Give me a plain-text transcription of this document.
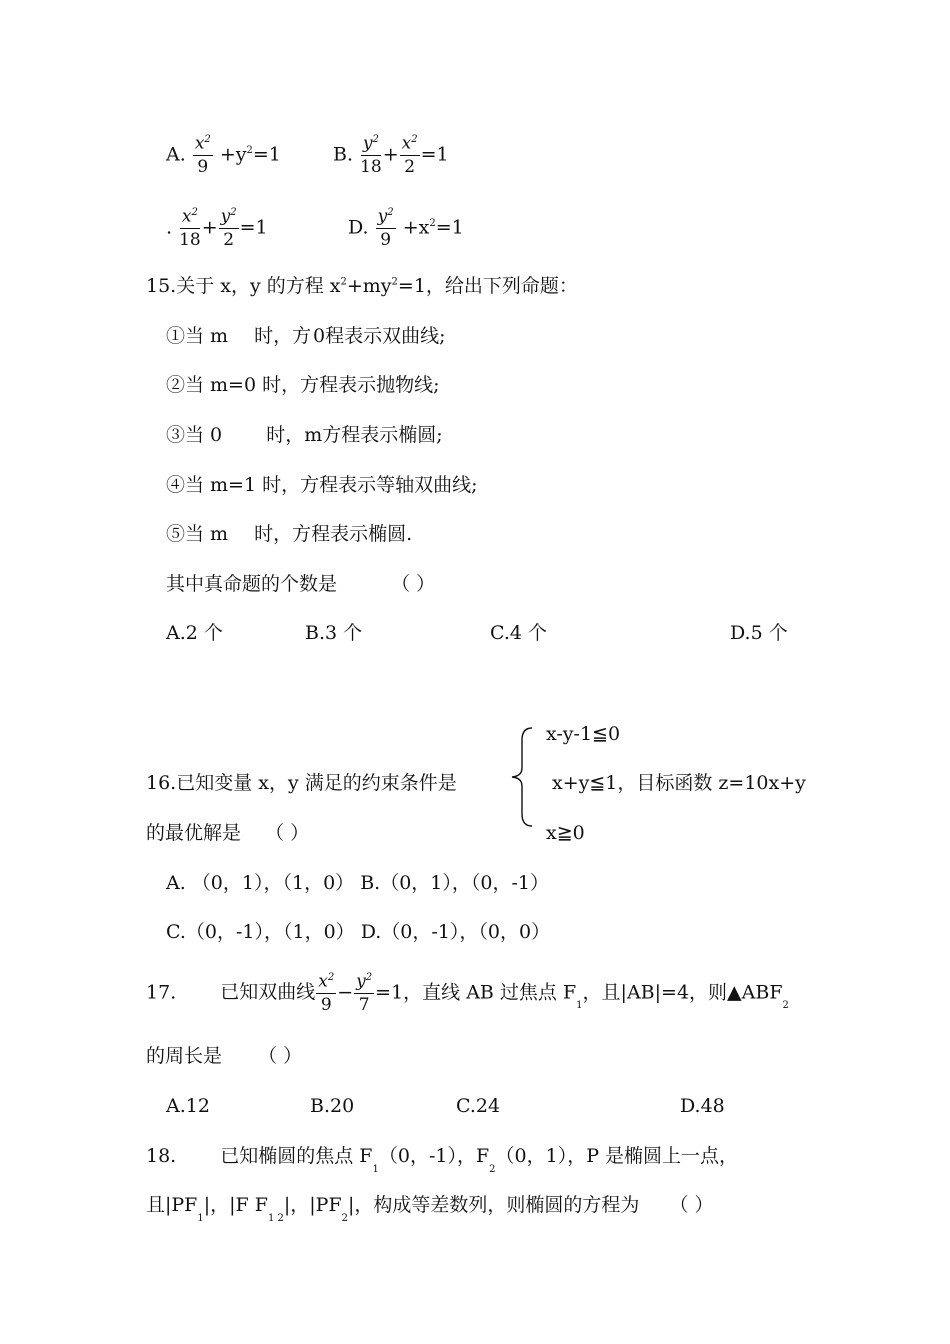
A. $\frac{x^2}{9} +y^2=1$	B. $\frac{y^2}{18} + \frac{x^2}{2} =1$
. $\frac{x^2}{18} + \frac{y^2}{2} =1$	D. $\frac{y^2}{9} +x^2=1$
15.关于 x，y 的方程 $x^2+my^2=1$，给出下列命题：
①当 m 时，方 0程表示双曲线;
②当 m=0 时，方程表示抛物线;
③当 0 时，m方程表示椭圆;
④当 m=1 时，方程表示等轴双曲线;
⑤当 m 时，方程表示椭圆.
其中真命题的个数是	（ ）
A.2 个	B.3 个	C.4 个	D.5 个
x-y-1≦0
16.已知变量 x，y 满足的约束条件是	x+y≦1，目标函数 z=10x+y
的最优解是 （ ）	x≧0
A. （0，1），（1，0） B.（0，1），（0，-1）
C.（0，-1），（1，0） D.（0，-1），（0，0）
17. 已知双曲线 $\frac{x^2}{9} - \frac{y^2}{7} =1$，直线 AB 过焦点 $F_1$，且|AB|=4，则$▲ABF_2$
的周长是 （ ）
A.12	B.20	C.24	D.48
18. 已知椭圆的焦点 $F_1(0$，-1），$F_2(0$，1），P 是椭圆上一点，
且$|PF_1|$，|F $F_{1 2}|$，$|PF_2|$，构成等差数列，则椭圆的方程为 （ ）
